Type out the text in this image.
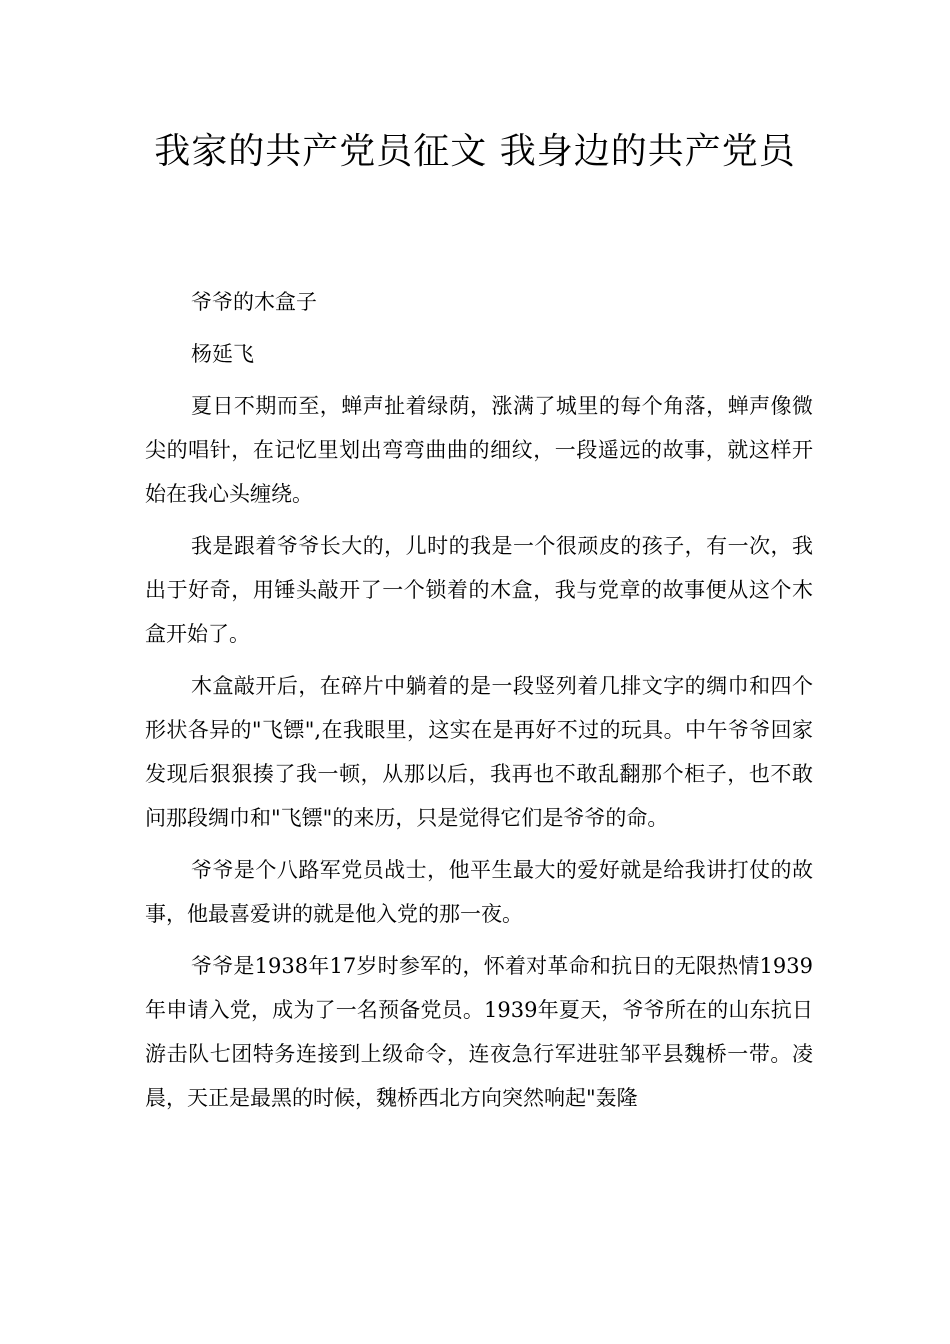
我家的共产党员征文 我身边的共产党员

爷爷的木盒子

杨延飞

夏日不期而至，蝉声扯着绿荫，涨满了城里的每个角落，蝉声像微尖的唱针，在记忆里划出弯弯曲曲的细纹，一段遥远的故事，就这样开始在我心头缠绕。

我是跟着爷爷长大的，儿时的我是一个很顽皮的孩子，有一次，我出于好奇，用锤头敲开了一个锁着的木盒，我与党章的故事便从这个木盒开始了。

木盒敲开后，在碎片中躺着的是一段竖列着几排文字的绸巾和四个形状各异的"飞镖",在我眼里，这实在是再好不过的玩具。中午爷爷回家发现后狠狠揍了我一顿，从那以后，我再也不敢乱翻那个柜子，也不敢问那段绸巾和"飞镖"的来历，只是觉得它们是爷爷的命。

爷爷是个八路军党员战士，他平生最大的爱好就是给我讲打仗的故事，他最喜爱讲的就是他入党的那一夜。

爷爷是1938年17岁时参军的，怀着对革命和抗日的无限热情1939年申请入党，成为了一名预备党员。1939年夏天，爷爷所在的山东抗日游击队七团特务连接到上级命令，连夜急行军进驻邹平县魏桥一带。凌晨，天正是最黑的时候，魏桥西北方向突然响起"轰隆
